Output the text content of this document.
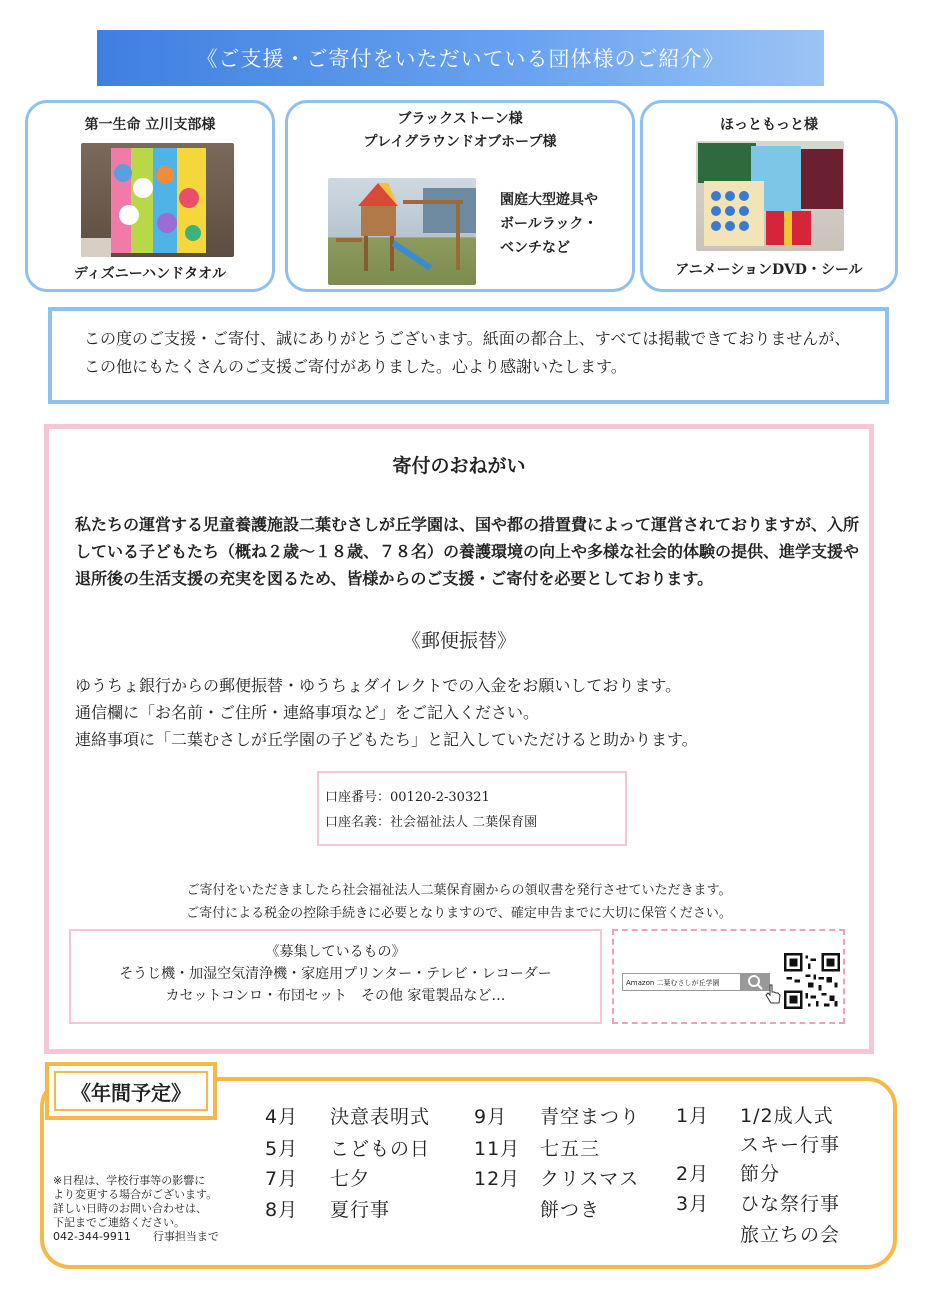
《ご支援・ご寄付をいただいている団体様のご紹介》
第一生命 立川支部様
ディズニーハンドタオル
ブラックストーン様
プレイグラウンドオブホープ様
園庭大型遊具や
ボールラック・
ベンチなど
ほっともっと様
アニメーションDVD・シール
この度のご支援・ご寄付、誠にありがとうございます。紙面の都合上、すべては掲載できておりませんが、この他にもたくさんのご支援ご寄付がありました。心より感謝いたします。
寄付のおねがい
私たちの運営する児童養護施設二葉むさしが丘学園は、国や都の措置費によって運営されておりますが、入所している子どもたち（概ね２歳～１８歳、７８名）の養護環境の向上や多様な社会的体験の提供、進学支援や退所後の生活支援の充実を図るため、皆様からのご支援・ご寄付を必要としております。
《郵便振替》
ゆうちょ銀行からの郵便振替・ゆうちょダイレクトでの入金をお願いしております。
通信欄に「お名前・ご住所・連絡事項など」をご記入ください。
連絡事項に「二葉むさしが丘学園の子どもたち」と記入していただけると助かります。
口座番号：00120-2-30321
口座名義：社会福祉法人 二葉保育園
ご寄付をいただきましたら社会福祉法人二葉保育園からの領収書を発行させていただきます。
ご寄付による税金の控除手続きに必要となりますので、確定申告までに大切に保管ください。
《募集しているもの》
そうじ機・加湿空気清浄機・家庭用プリンター・テレビ・レコーダー
カセットコンロ・布団セット　その他 家電製品など…
Amazon 二葉むさしが丘学園
《年間予定》
4月 決意表明式
5月 こどもの日
7月 七夕
8月 夏行事
9月 青空まつり
11月 七五三
12月 クリスマス
餅つき
1月 1/2成人式
スキー行事
2月 節分
3月 ひな祭行事
旅立ちの会
※日程は、学校行事等の影響に
より変更する場合がございます。
詳しい日時のお問い合わせは、
下記までご連絡ください。
042-344-9911　　行事担当まで
